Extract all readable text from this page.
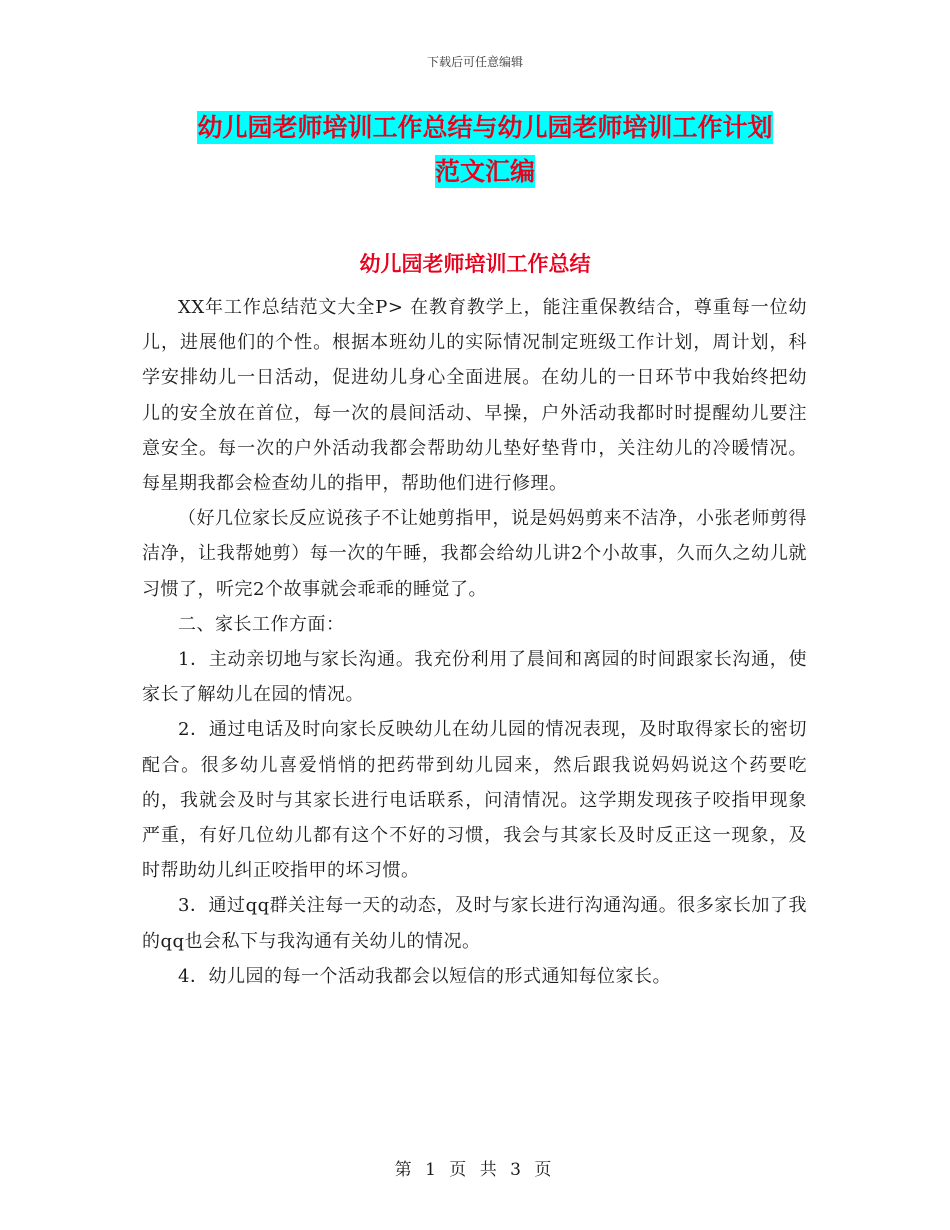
下载后可任意编辑
幼儿园老师培训工作总结与幼儿园老师培训工作计划
范文汇编
幼儿园老师培训工作总结

XX年工作总结范文大全P> 在教育教学上，能注重保教结合，尊重每一位幼儿，进展他们的个性。根据本班幼儿的实际情况制定班级工作计划，周计划，科学安排幼儿一日活动，促进幼儿身心全面进展。在幼儿的一日环节中我始终把幼儿的安全放在首位，每一次的晨间活动、早操，户外活动我都时时提醒幼儿要注意安全。每一次的户外活动我都会帮助幼儿垫好垫背巾，关注幼儿的冷暖情况。每星期我都会检查幼儿的指甲，帮助他们进行修理。

（好几位家长反应说孩子不让她剪指甲，说是妈妈剪来不洁净，小张老师剪得洁净，让我帮她剪）每一次的午睡，我都会给幼儿讲2个小故事，久而久之幼儿就习惯了，听完2个故事就会乖乖的睡觉了。

二、家长工作方面：

1．主动亲切地与家长沟通。我充份利用了晨间和离园的时间跟家长沟通，使家长了解幼儿在园的情况。

2．通过电话及时向家长反映幼儿在幼儿园的情况表现，及时取得家长的密切配合。很多幼儿喜爱悄悄的把药带到幼儿园来，然后跟我说妈妈说这个药要吃的，我就会及时与其家长进行电话联系，问清情况。这学期发现孩子咬指甲现象严重，有好几位幼儿都有这个不好的习惯，我会与其家长及时反正这一现象，及时帮助幼儿纠正咬指甲的坏习惯。

3．通过qq群关注每一天的动态，及时与家长进行沟通沟通。很多家长加了我的qq也会私下与我沟通有关幼儿的情况。

4．幼儿园的每一个活动我都会以短信的形式通知每位家长。

第 1 页 共 3 页
